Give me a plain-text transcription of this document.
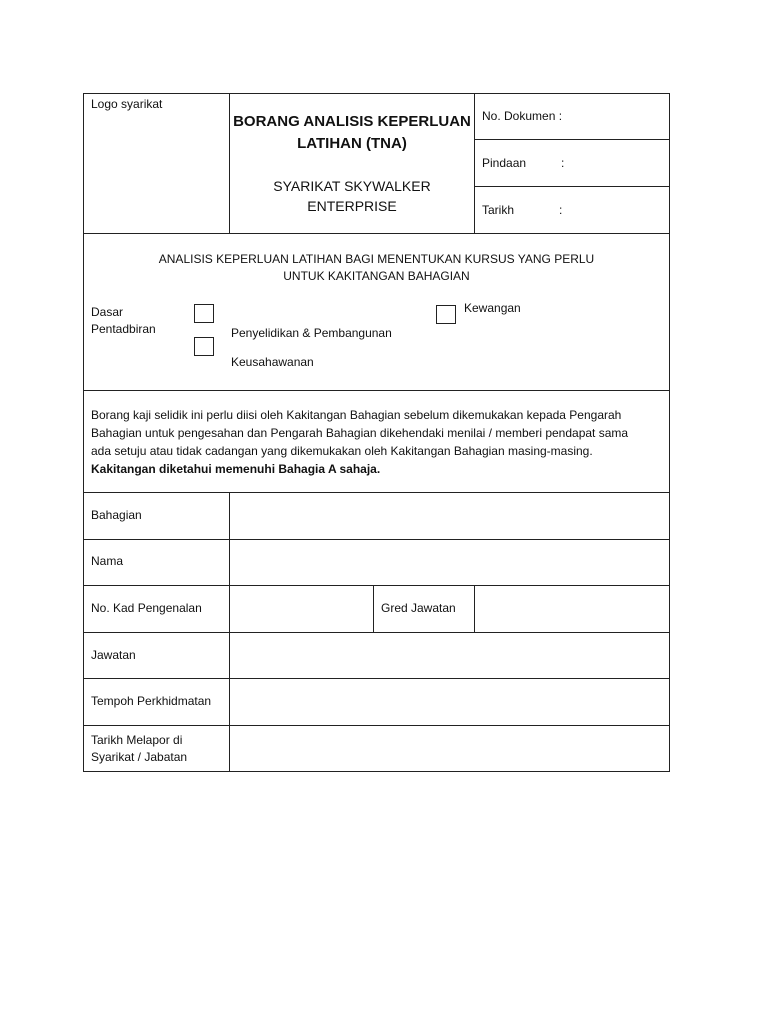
Logo syarikat
BORANG ANALISIS KEPERLUAN
LATIHAN (TNA)
SYARIKAT SKYWALKER
ENTERPRISE
No. Dokumen :
Pindaan	:
Tarikh	:
ANALISIS KEPERLUAN LATIHAN BAGI MENENTUKAN KURSUS YANG PERLU
UNTUK KAKITANGAN BAHAGIAN
Dasar
Pentadbiran
Kewangan
Penyelidikan & Pembangunan
Keusahawanan
Borang kaji selidik ini perlu diisi oleh Kakitangan Bahagian sebelum dikemukakan kepada Pengarah
Bahagian untuk pengesahan dan Pengarah Bahagian dikehendaki menilai / memberi pendapat sama
ada setuju atau tidak cadangan yang dikemukakan oleh Kakitangan Bahagian masing-masing.
Kakitangan diketahui memenuhi Bahagia A sahaja.
Bahagian
Nama
No. Kad Pengenalan	Gred Jawatan
Jawatan
Tempoh Perkhidmatan
Tarikh Melapor di
Syarikat / Jabatan
